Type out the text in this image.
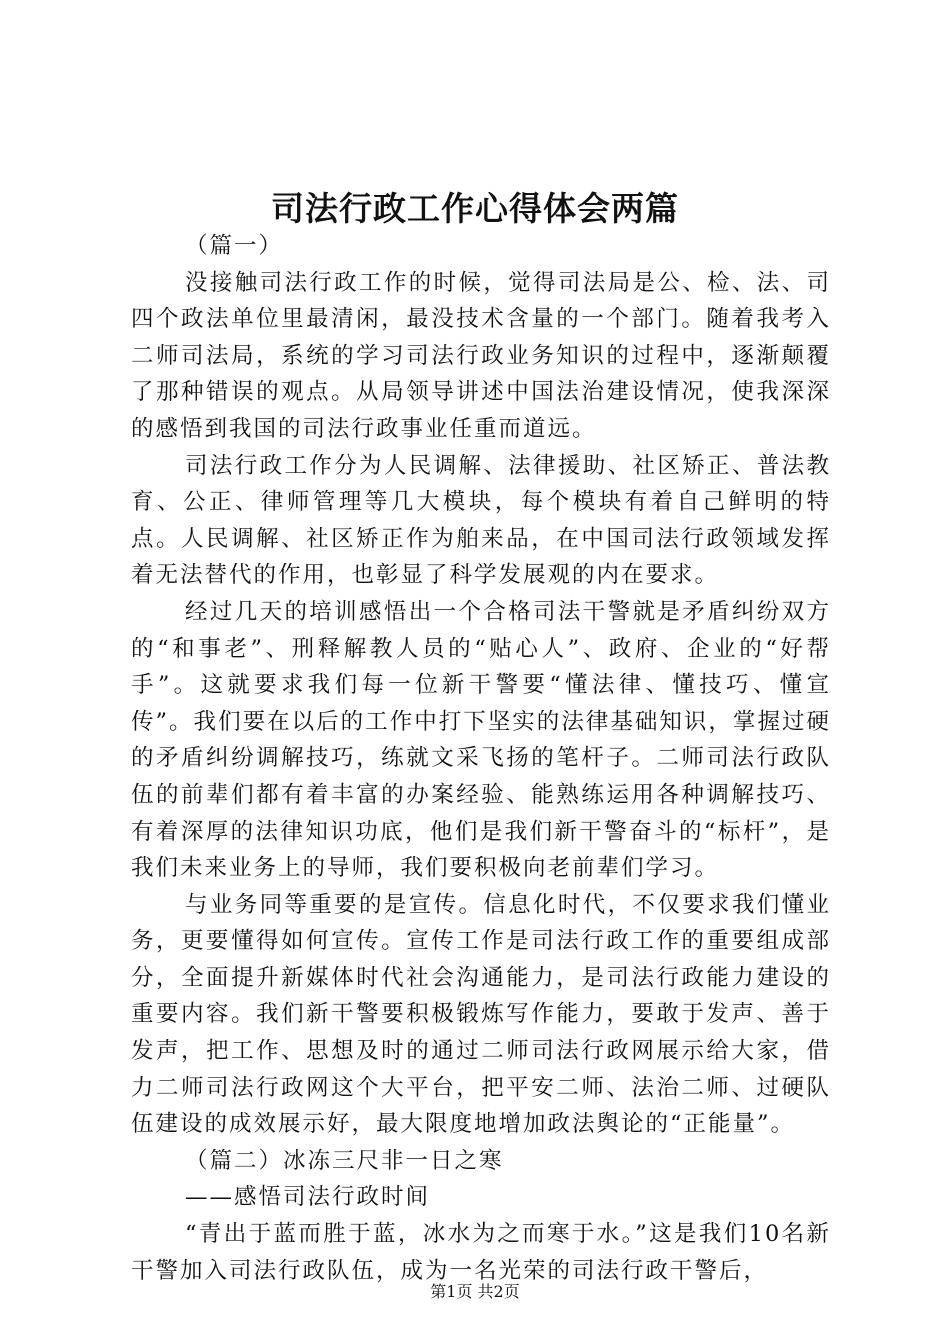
司法行政工作心得体会两篇

（篇一）

没接触司法行政工作的时候，觉得司法局是公、检、法、司四个政法单位里最清闲，最没技术含量的一个部门。随着我考入二师司法局，系统的学习司法行政业务知识的过程中，逐渐颠覆了那种错误的观点。从局领导讲述中国法治建设情况，使我深深的感悟到我国的司法行政事业任重而道远。

司法行政工作分为人民调解、法律援助、社区矫正、普法教育、公正、律师管理等几大模块，每个模块有着自己鲜明的特点。人民调解、社区矫正作为舶来品，在中国司法行政领域发挥着无法替代的作用，也彰显了科学发展观的内在要求。

经过几天的培训感悟出一个合格司法干警就是矛盾纠纷双方的“和事老”、刑释解教人员的“贴心人”、政府、企业的“好帮手”。这就要求我们每一位新干警要“懂法律、懂技巧、懂宣传”。我们要在以后的工作中打下坚实的法律基础知识，掌握过硬的矛盾纠纷调解技巧，练就文采飞扬的笔杆子。二师司法行政队伍的前辈们都有着丰富的办案经验、能熟练运用各种调解技巧、有着深厚的法律知识功底，他们是我们新干警奋斗的“标杆”，是我们未来业务上的导师，我们要积极向老前辈们学习。

与业务同等重要的是宣传。信息化时代，不仅要求我们懂业务，更要懂得如何宣传。宣传工作是司法行政工作的重要组成部分，全面提升新媒体时代社会沟通能力，是司法行政能力建设的重要内容。我们新干警要积极锻炼写作能力，要敢于发声、善于发声，把工作、思想及时的通过二师司法行政网展示给大家，借力二师司法行政网这个大平台，把平安二师、法治二师、过硬队伍建设的成效展示好，最大限度地增加政法舆论的“正能量”。

（篇二）冰冻三尺非一日之寒

——感悟司法行政时间

“青出于蓝而胜于蓝，冰水为之而寒于水。”这是我们10名新干警加入司法行政队伍，成为一名光荣的司法行政干警后，

第1页 共2页
